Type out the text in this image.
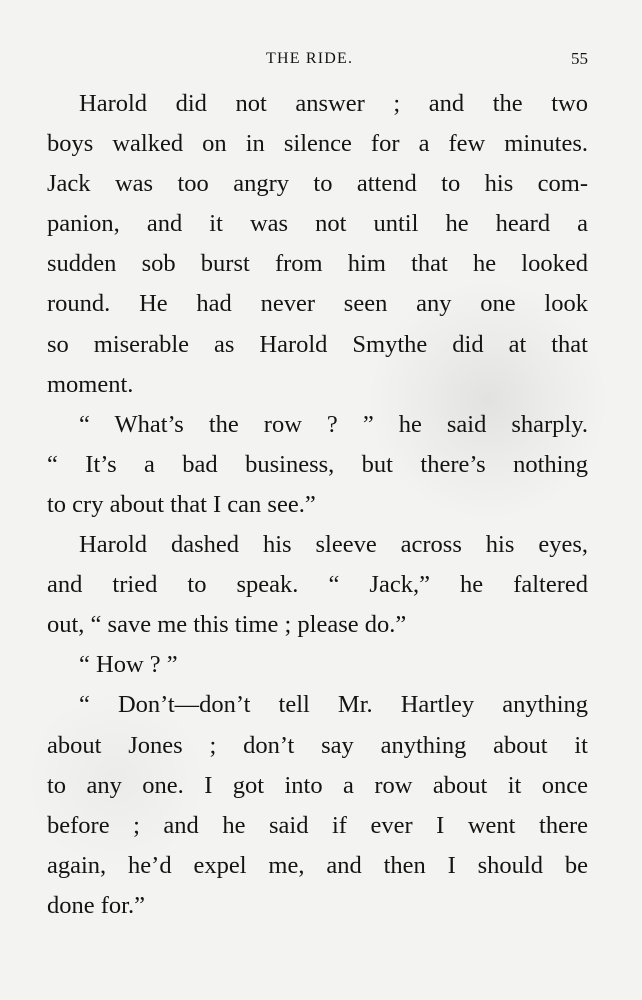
THE RIDE.	55
Harold did not answer ; and the two
boys walked on in silence for a few minutes.
Jack was too angry to attend to his com-
panion, and it was not until he heard a
sudden sob burst from him that he looked
round. He had never seen any one look
so miserable as Harold Smythe did at that
moment.
“ What’s the row ? ” he said sharply.
“ It’s a bad business, but there’s nothing
to cry about that I can see.”
Harold dashed his sleeve across his eyes,
and tried to speak. “ Jack,” he faltered
out, “ save me this time ; please do.”
“ How ? ”
“ Don’t—don’t tell Mr. Hartley anything
about Jones ; don’t say anything about it
to any one. I got into a row about it once
before ; and he said if ever I went there
again, he’d expel me, and then I should be
done for.”
